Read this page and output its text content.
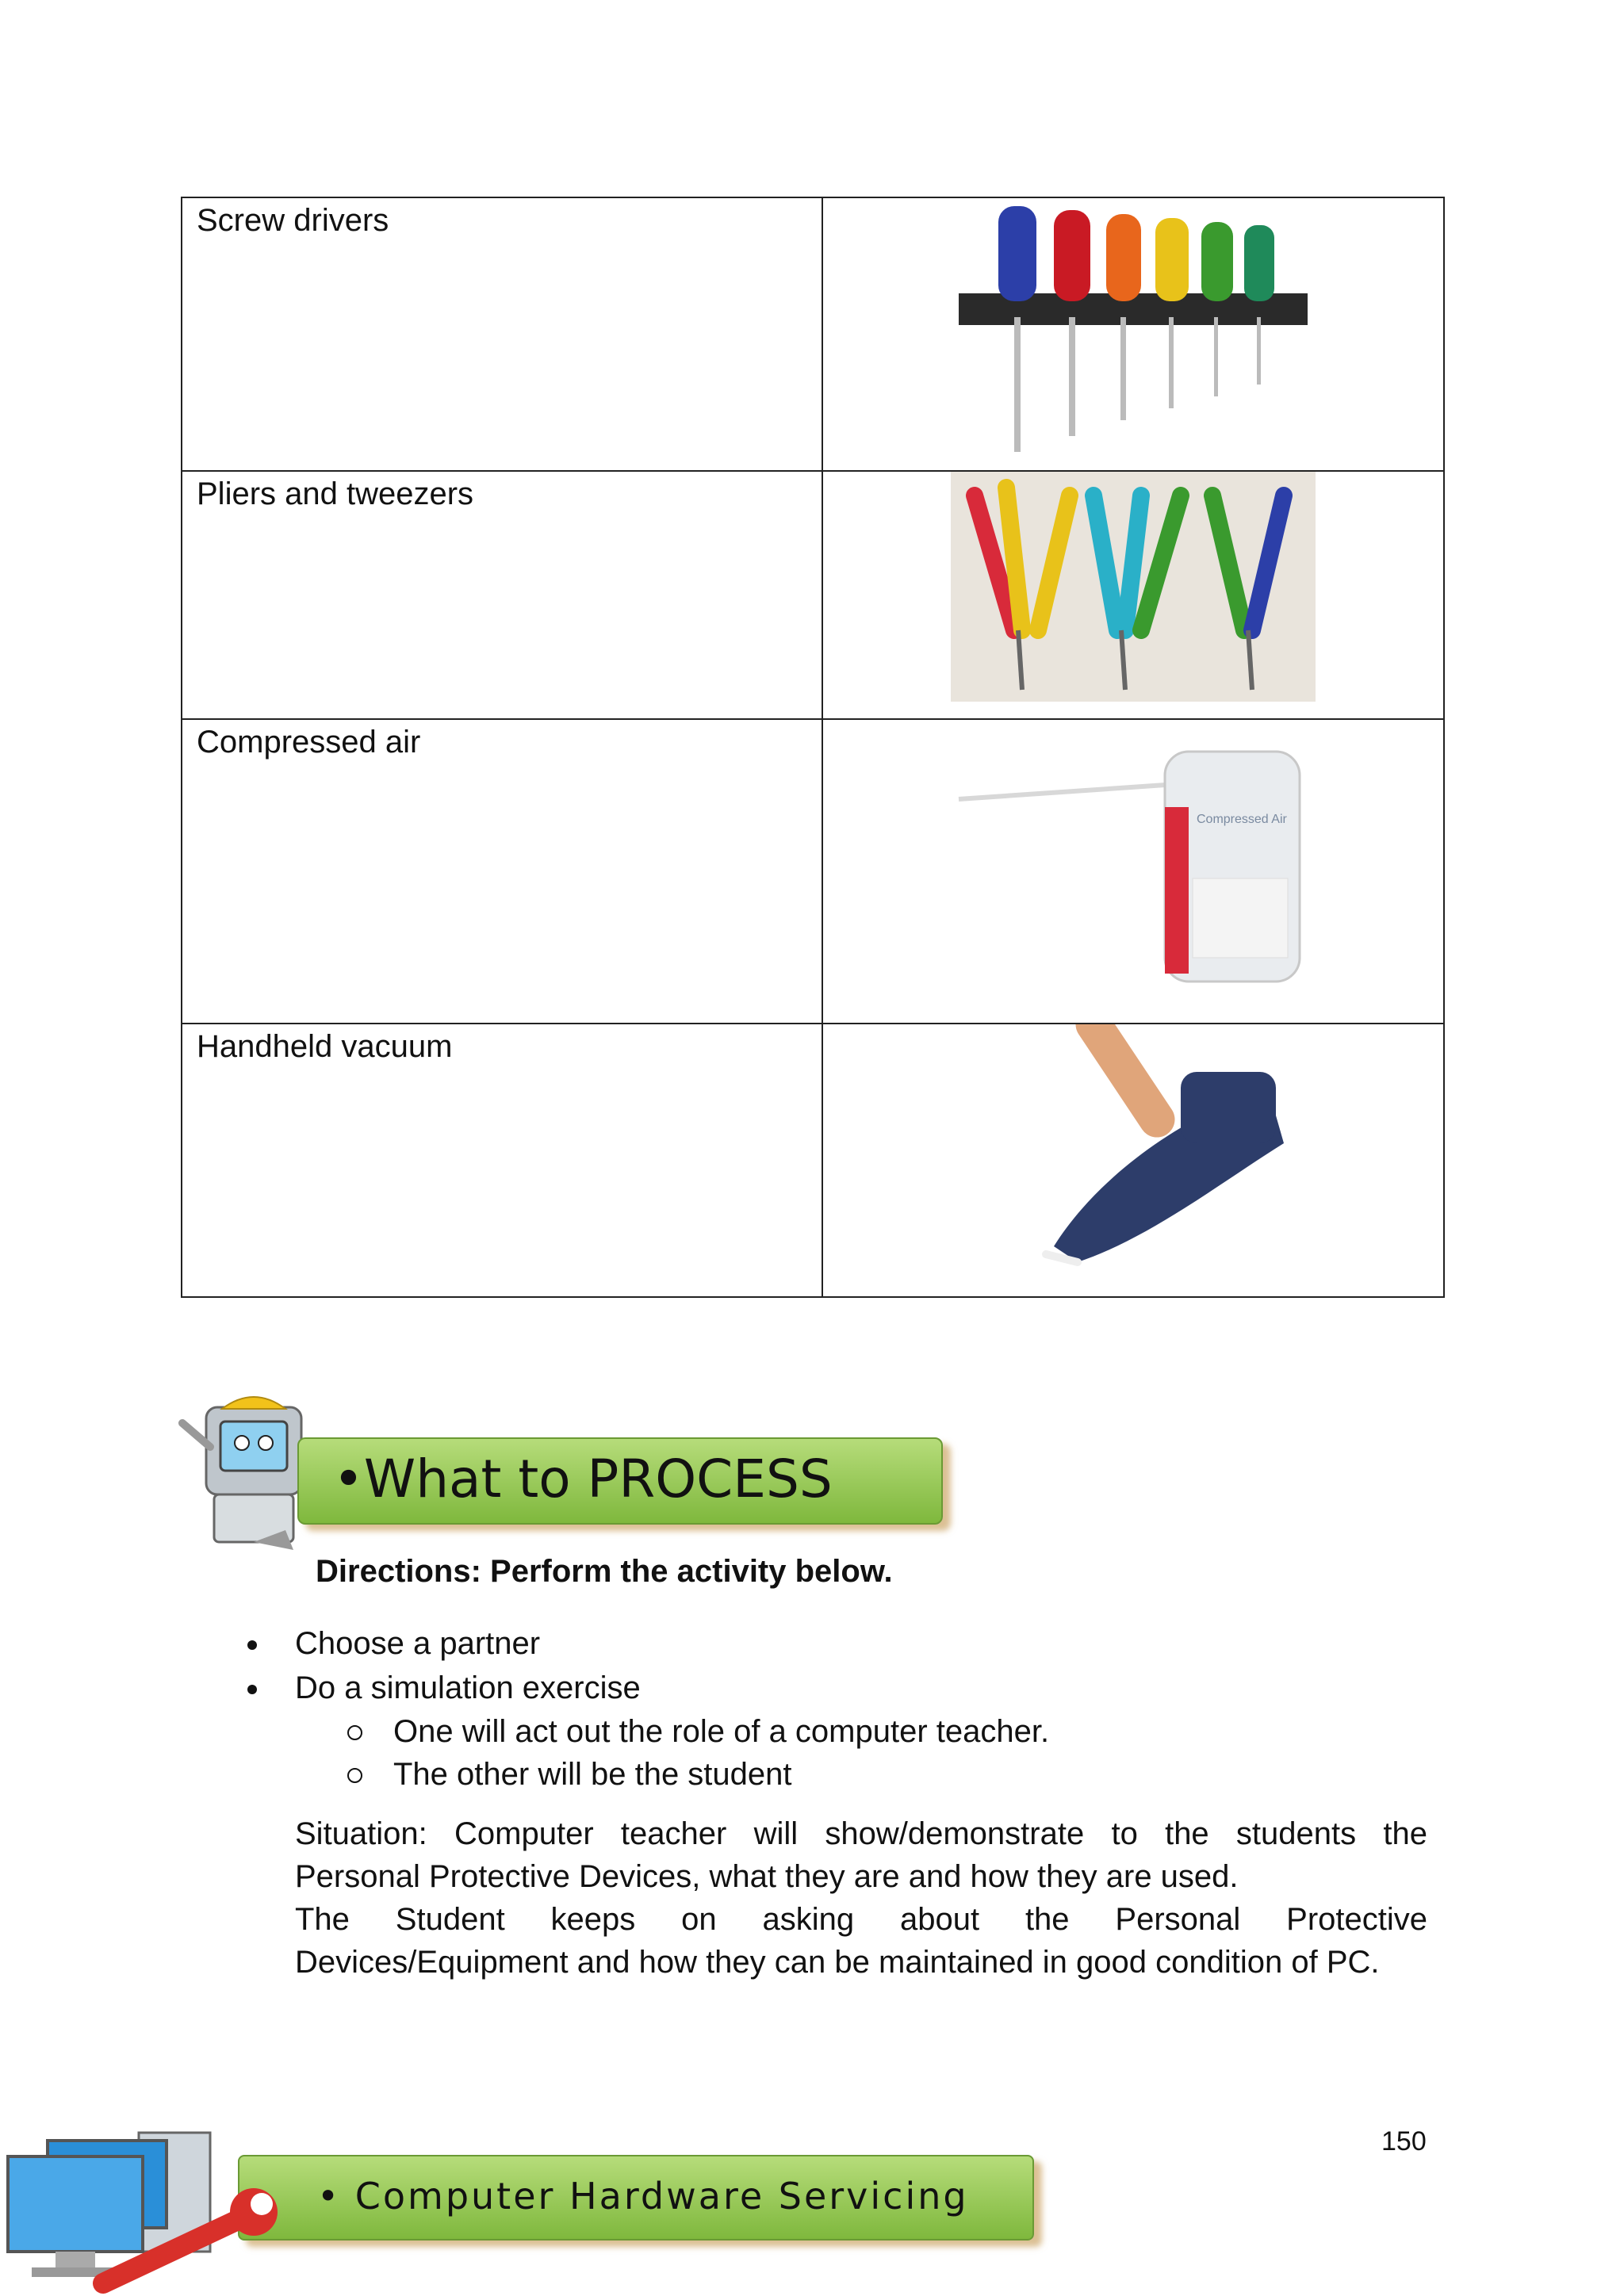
Screw drivers	

Pliers and tweezers	

Compressed air	Compressed Air

Handheld vacuum	
•What to PROCESS
Directions: Perform the activity below.
Choose a partner
Do a simulation exercise
One will act out the role of a computer teacher.
The other will be the student

Situation: Computer teacher will show/demonstrate to the students the

Personal Protective Devices, what they are and how they are used.

The Student keeps on asking about the Personal Protective

Devices/Equipment and how they can be maintained in good condition of PC.

150
• Computer Hardware Servicing
